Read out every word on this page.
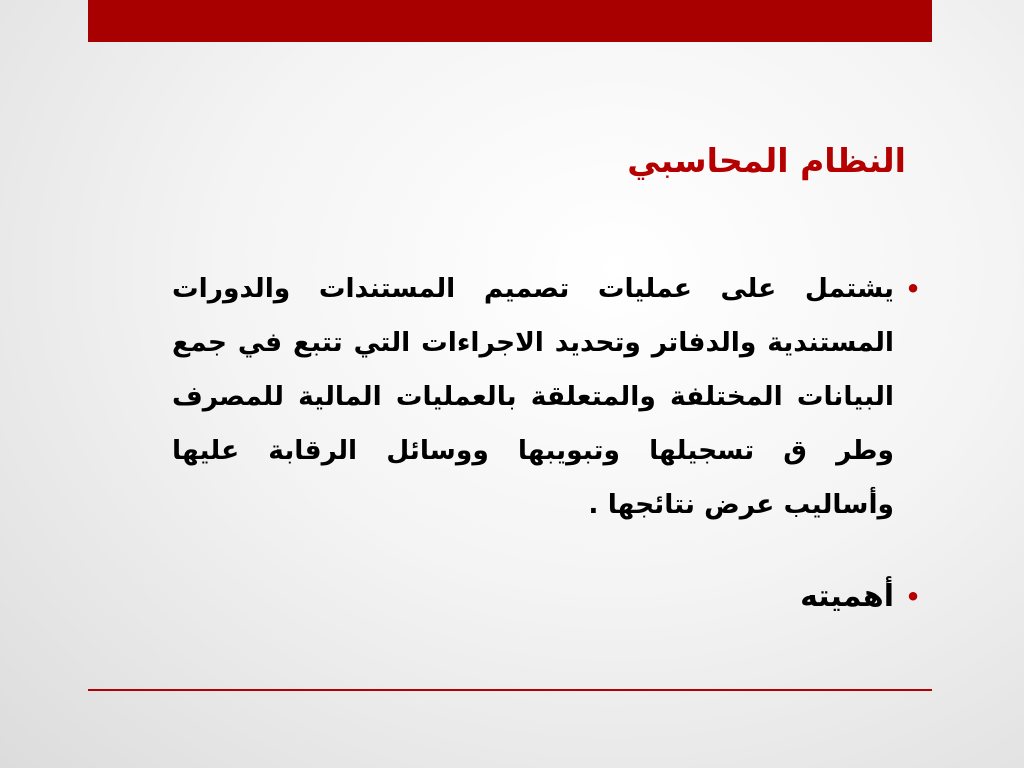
النظام المحاسبي
•
يشتمل على عمليات تصميم المستندات والدورات المستندية والدفاتر وتحديد الاجراءات التي تتبع في جمع البيانات المختلفة والمتعلقة بالعمليات المالية للمصرف وطر ق تسجيلها وتبويبها ووسائل الرقابة عليها وأساليب عرض نتائجها .
•
أهميته
